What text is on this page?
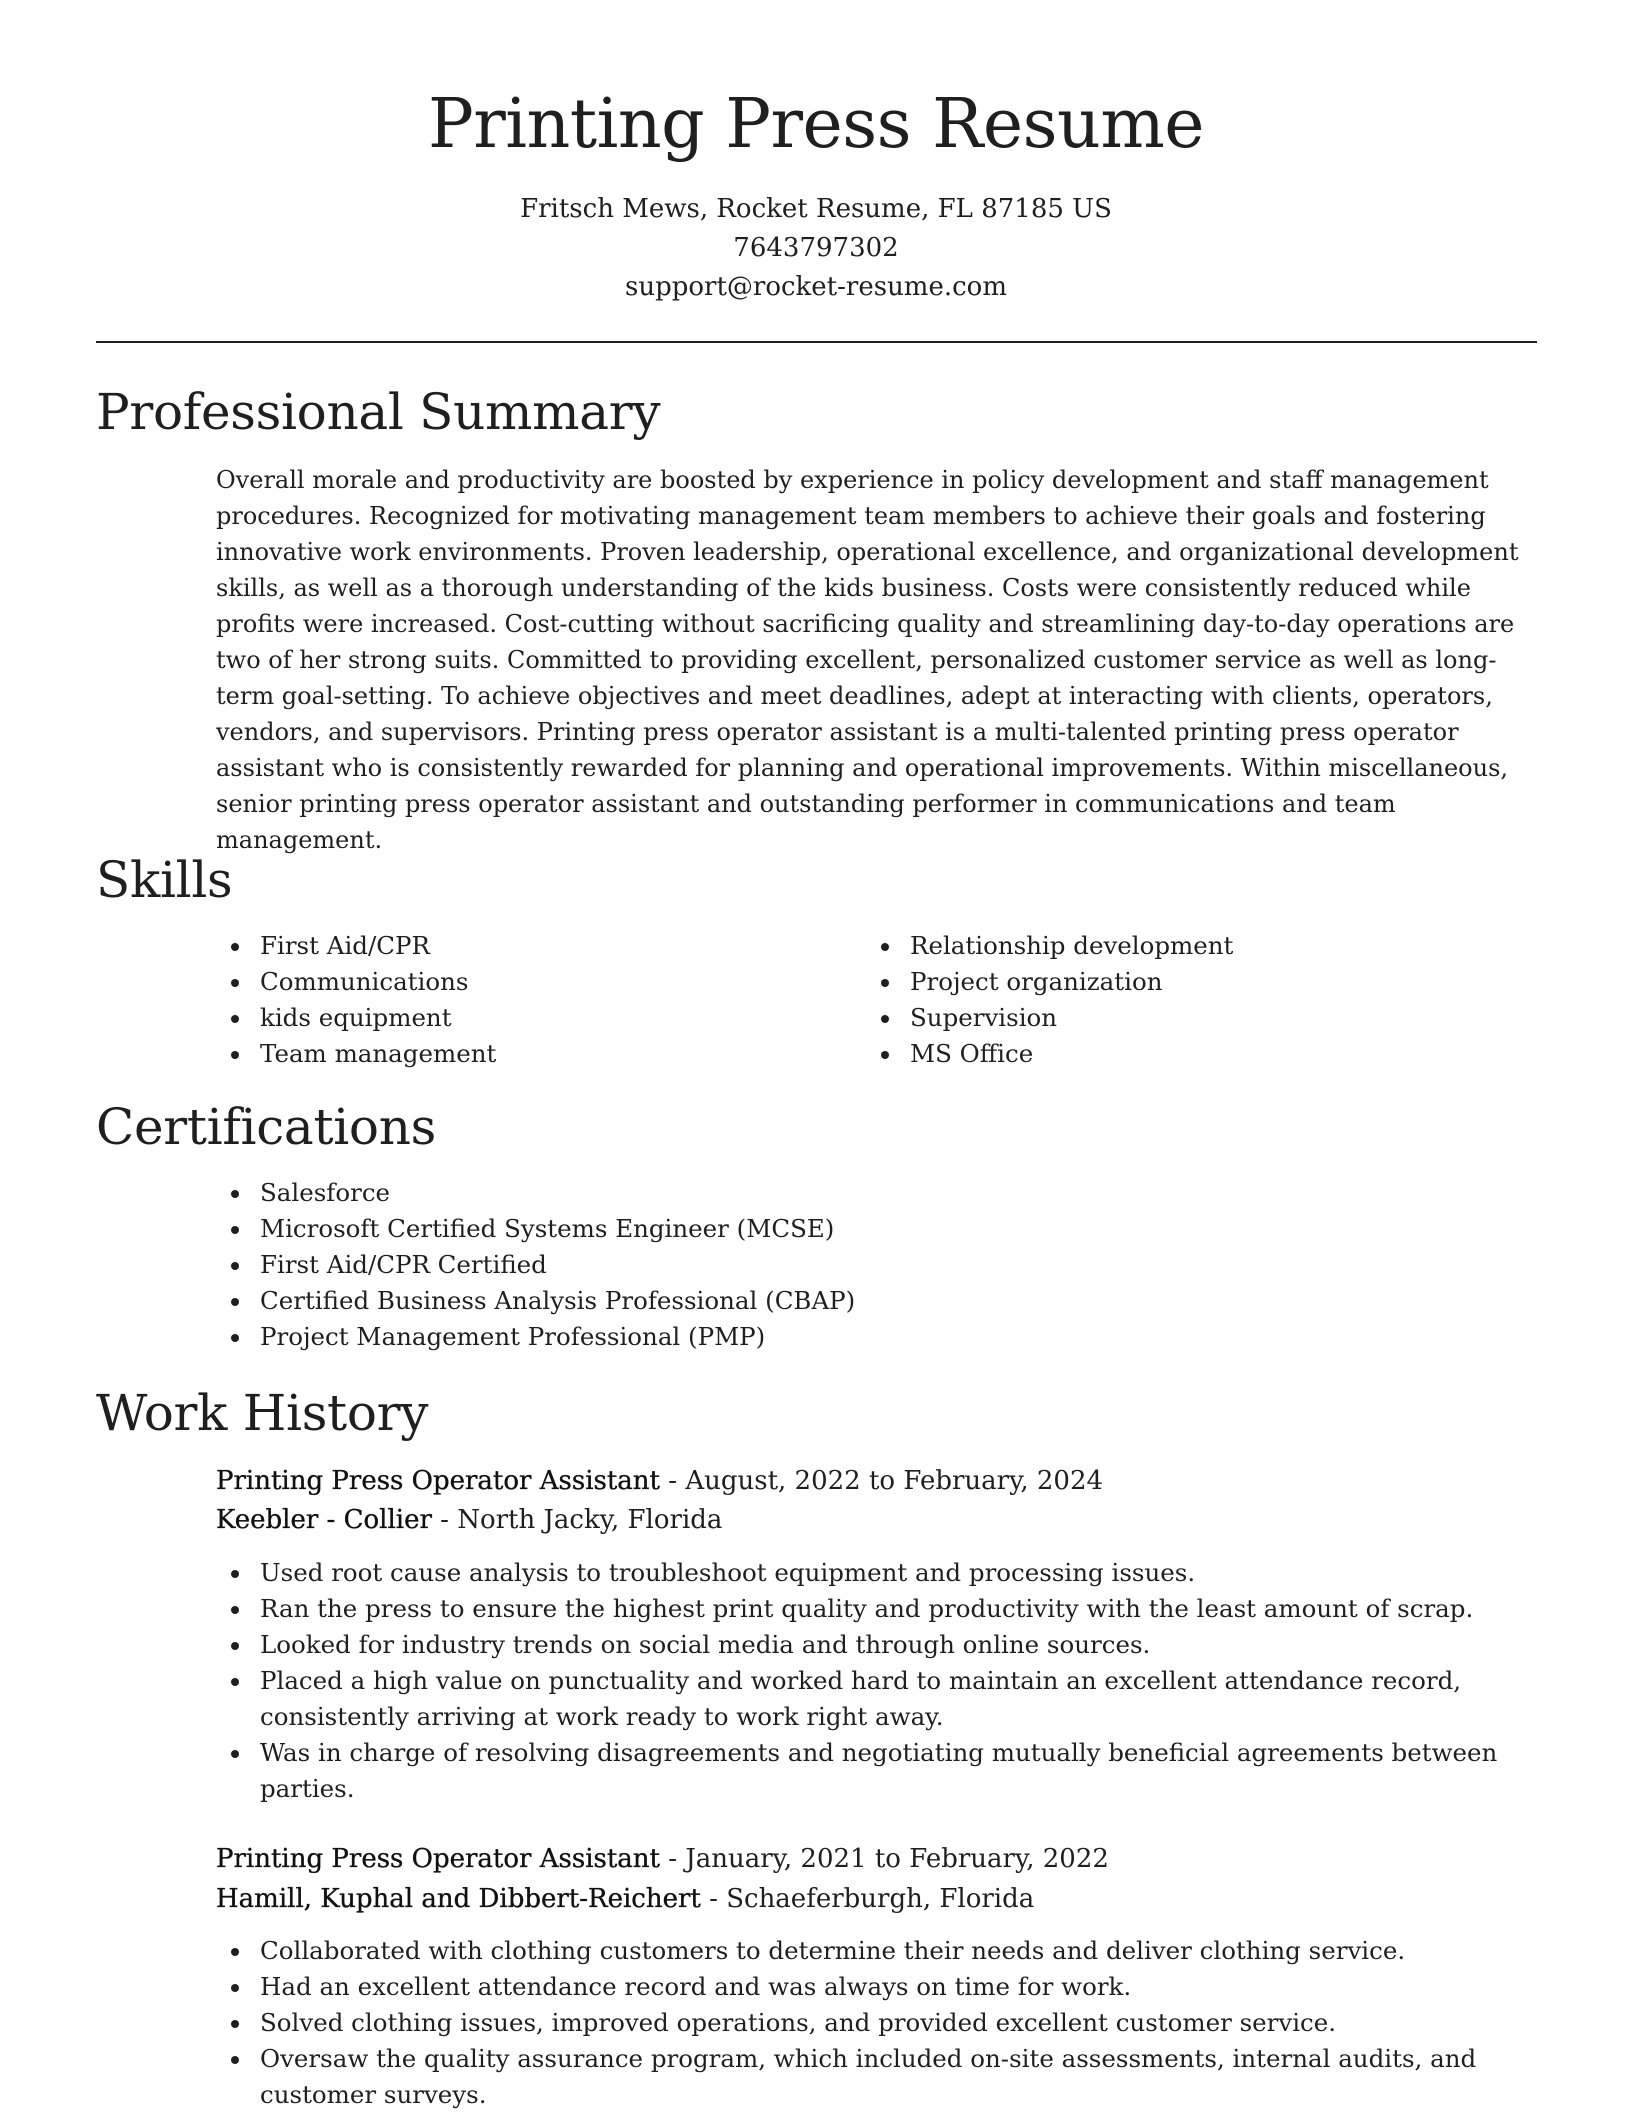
Printing Press Resume
Fritsch Mews, Rocket Resume, FL 87185 US
7643797302
support@rocket-resume.com
Professional Summary

Overall morale and productivity are boosted by experience in policy development and staff management procedures. Recognized for motivating management team members to achieve their goals and fostering innovative work environments. Proven leadership, operational excellence, and organizational development skills, as well as a thorough understanding of the kids business. Costs were consistently reduced while profits were increased. Cost-cutting without sacrificing quality and streamlining day-to-day operations are two of her strong suits. Committed to providing excellent, personalized customer service as well as long-term goal-setting. To achieve objectives and meet deadlines, adept at interacting with clients, operators, vendors, and supervisors. Printing press operator assistant is a multi-talented printing press operator assistant who is consistently rewarded for planning and operational improvements. Within miscellaneous, senior printing press operator assistant and outstanding performer in communications and team management.

Skills
First Aid/CPR
Communications
kids equipment
Team management
Relationship development
Project organization
Supervision
MS Office
Certifications
Salesforce
Microsoft Certified Systems Engineer (MCSE)
First Aid/CPR Certified
Certified Business Analysis Professional (CBAP)
Project Management Professional (PMP)
Work History
Printing Press Operator Assistant - August, 2022 to February, 2024
Keebler - Collier - North Jacky, Florida
Used root cause analysis to troubleshoot equipment and processing issues.
Ran the press to ensure the highest print quality and productivity with the least amount of scrap.
Looked for industry trends on social media and through online sources.
Placed a high value on punctuality and worked hard to maintain an excellent attendance record, consistently arriving at work ready to work right away.
Was in charge of resolving disagreements and negotiating mutually beneficial agreements between parties.
Printing Press Operator Assistant - January, 2021 to February, 2022
Hamill, Kuphal and Dibbert-Reichert - Schaeferburgh, Florida
Collaborated with clothing customers to determine their needs and deliver clothing service.
Had an excellent attendance record and was always on time for work.
Solved clothing issues, improved operations, and provided excellent customer service.
Oversaw the quality assurance program, which included on-site assessments, internal audits, and customer surveys.
